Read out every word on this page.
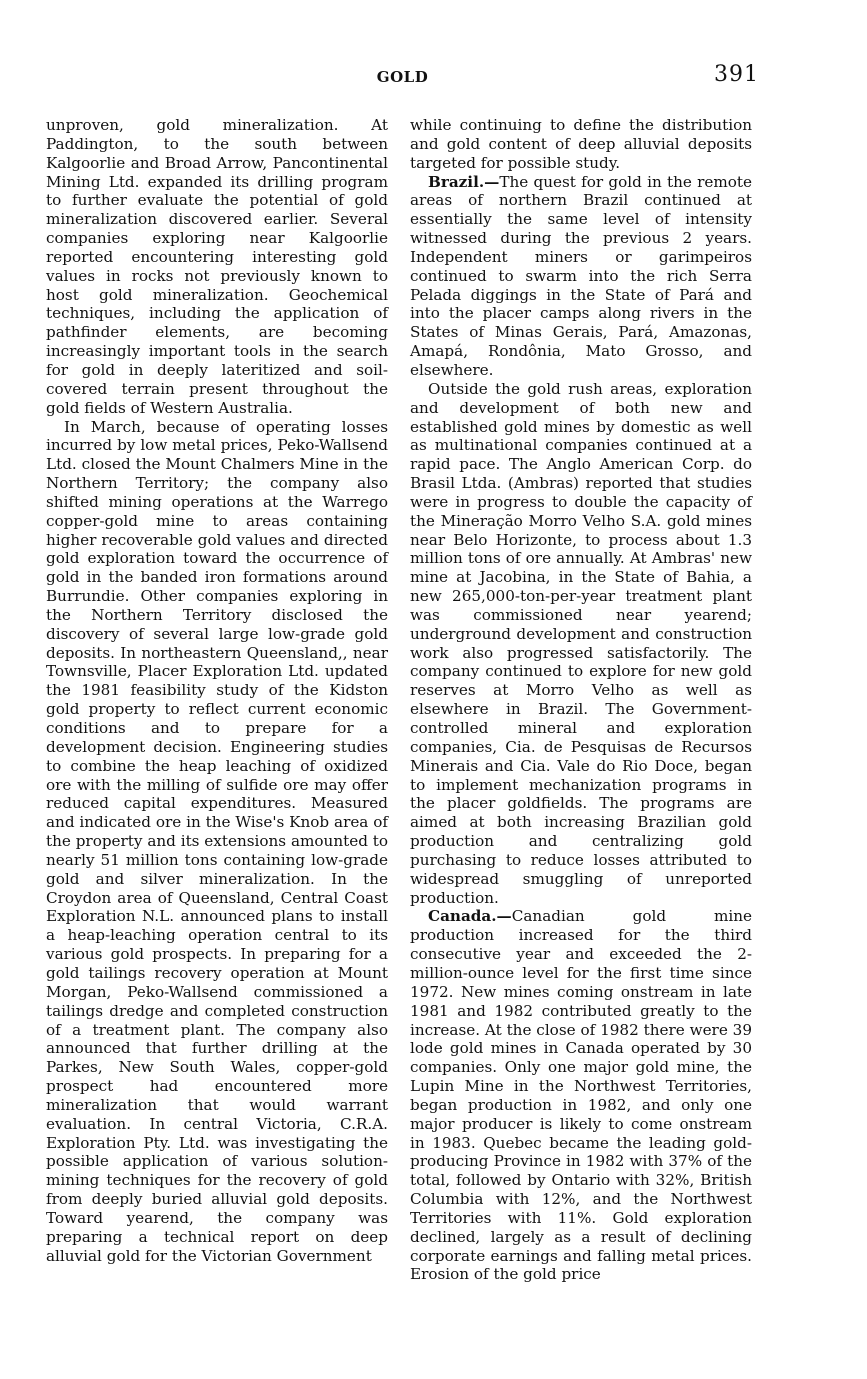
GOLD	391

unproven, gold mineralization. At Paddington, to the south between Kalgoorlie and Broad Arrow, Pancontinental Mining Ltd. expanded its drilling program to further evaluate the potential of gold mineralization discovered earlier. Several companies exploring near Kalgoorlie reported encountering interesting gold values in rocks not previously known to host gold mineralization. Geochemical techniques, including the application of pathfinder elements, are becoming increasingly important tools in the search for gold in deeply lateritized and soil-covered terrain present throughout the gold fields of Western Australia.

In March, because of operating losses incurred by low metal prices, Peko-Wallsend Ltd. closed the Mount Chalmers Mine in the Northern Territory; the company also shifted mining operations at the Warrego copper-gold mine to areas containing higher recoverable gold values and directed gold exploration toward the occurrence of gold in the banded iron formations around Burrundie. Other companies exploring in the Northern Territory disclosed the discovery of several large low-grade gold deposits. In northeastern Queensland,, near Townsville, Placer Exploration Ltd. updated the 1981 feasibility study of the Kidston gold property to reflect current economic conditions and to prepare for a development decision. Engineering studies to combine the heap leaching of oxidized ore with the milling of sulfide ore may offer reduced capital expenditures. Measured and indicated ore in the Wise's Knob area of the property and its extensions amounted to nearly 51 million tons containing low-grade gold and silver mineralization. In the Croydon area of Queensland, Central Coast Exploration N.L. announced plans to install a heap-leaching operation central to its various gold prospects. In preparing for a gold tailings recovery operation at Mount Morgan, Peko-Wallsend commissioned a tailings dredge and completed construction of a treatment plant. The company also announced that further drilling at the Parkes, New South Wales, copper-gold prospect had encountered more mineralization that would warrant evaluation. In central Victoria, C.R.A. Exploration Pty. Ltd. was investigating the possible application of various solution-mining techniques for the recovery of gold from deeply buried alluvial gold deposits. Toward yearend, the company was preparing a technical report on deep alluvial gold for the Victorian Government

while continuing to define the distribution and gold content of deep alluvial deposits targeted for possible study.

Brazil.—The quest for gold in the remote areas of northern Brazil continued at essentially the same level of intensity witnessed during the previous 2 years. Independent miners or garimpeiros continued to swarm into the rich Serra Pelada diggings in the State of Pará and into the placer camps along rivers in the States of Minas Gerais, Pará, Amazonas, Amapá, Rondônia, Mato Grosso, and elsewhere.

Outside the gold rush areas, exploration and development of both new and established gold mines by domestic as well as multinational companies continued at a rapid pace. The Anglo American Corp. do Brasil Ltda. (Ambras) reported that studies were in progress to double the capacity of the Mineração Morro Velho S.A. gold mines near Belo Horizonte, to process about 1.3 million tons of ore annually. At Ambras' new mine at Jacobina, in the State of Bahia, a new 265,000-ton-per-year treatment plant was commissioned near yearend; underground development and construction work also progressed satisfactorily. The company continued to explore for new gold reserves at Morro Velho as well as elsewhere in Brazil. The Government-controlled mineral and exploration companies, Cia. de Pesquisas de Recursos Minerais and Cia. Vale do Rio Doce, began to implement mechanization programs in the placer goldfields. The programs are aimed at both increasing Brazilian gold production and centralizing gold purchasing to reduce losses attributed to widespread smuggling of unreported production.

Canada.—Canadian gold mine production increased for the third consecutive year and exceeded the 2-million-ounce level for the first time since 1972. New mines coming onstream in late 1981 and 1982 contributed greatly to the increase. At the close of 1982 there were 39 lode gold mines in Canada operated by 30 companies. Only one major gold mine, the Lupin Mine in the Northwest Territories, began production in 1982, and only one major producer is likely to come onstream in 1983. Quebec became the leading gold-producing Province in 1982 with 37% of the total, followed by Ontario with 32%, British Columbia with 12%, and the Northwest Territories with 11%. Gold exploration declined, largely as a result of declining corporate earnings and falling metal prices. Erosion of the gold price
